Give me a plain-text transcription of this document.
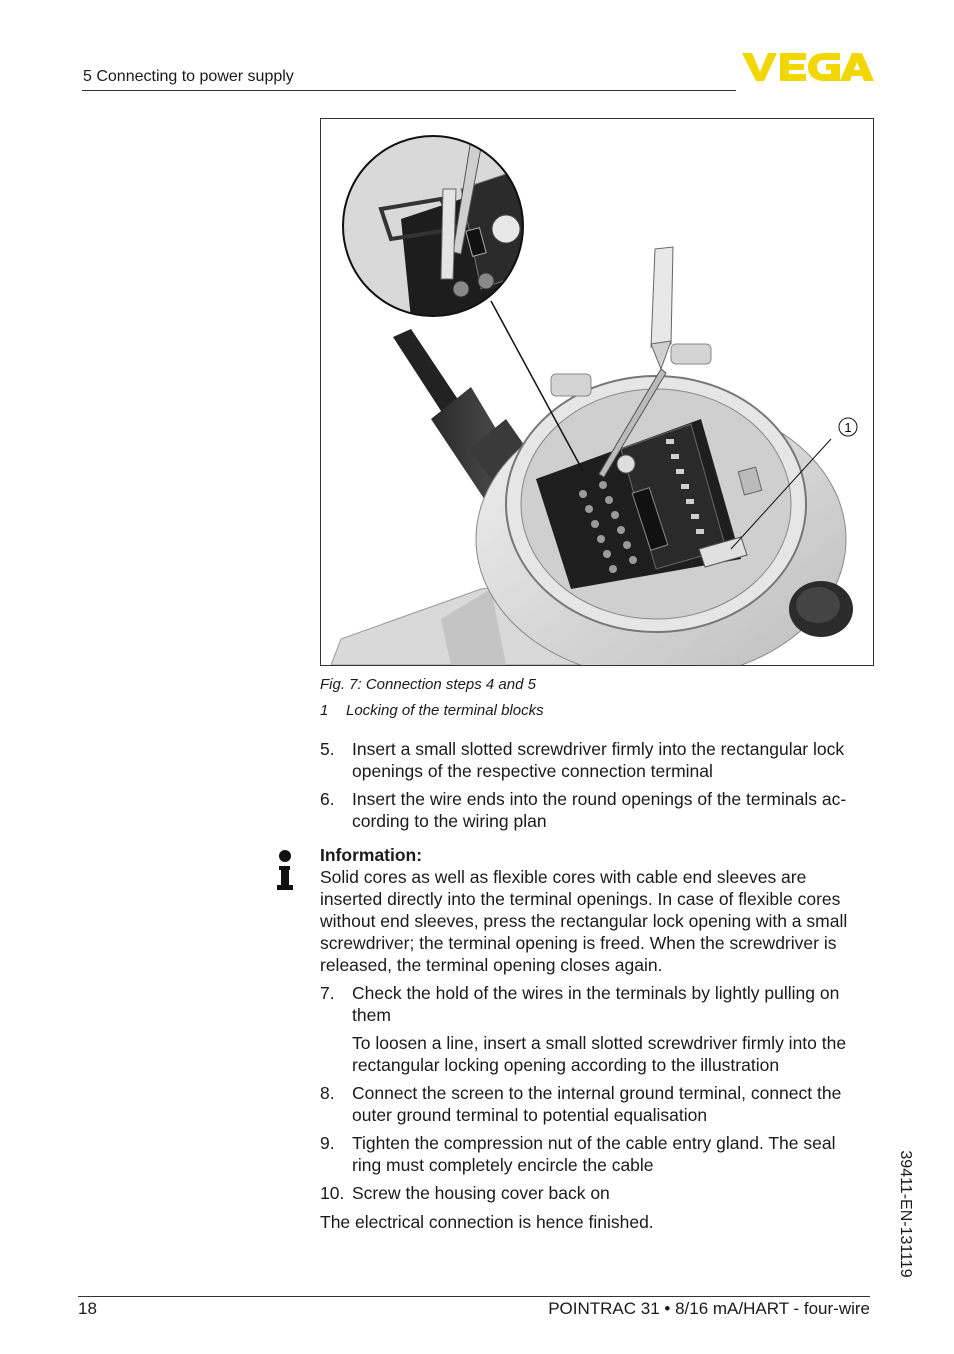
5 Connecting to power supply
1
Fig. 7: Connection steps 4 and 5
1 Locking of the terminal blocks
5. Insert a small slotted screwdriver firmly into the rectangular lock openings of the respective connection terminal
6. Insert the wire ends into the round openings of the terminals ac-cording to the wiring plan
Information:
Solid cores as well as flexible cores with cable end sleeves are inserted directly into the terminal openings. In case of flexible cores without end sleeves, press the rectangular lock opening with a small screwdriver; the terminal opening is freed. When the screwdriver is released, the terminal opening closes again.
7. Check the hold of the wires in the terminals by lightly pulling on them
To loosen a line, insert a small slotted screwdriver firmly into the rectangular locking opening according to the illustration
8. Connect the screen to the internal ground terminal, connect the outer ground terminal to potential equalisation
9. Tighten the compression nut of the cable entry gland. The seal ring must completely encircle the cable
10. Screw the housing cover back on
The electrical connection is hence finished.	39411-EN-131119
18	POINTRAC 31 • 8/16 mA/HART - four-wire
